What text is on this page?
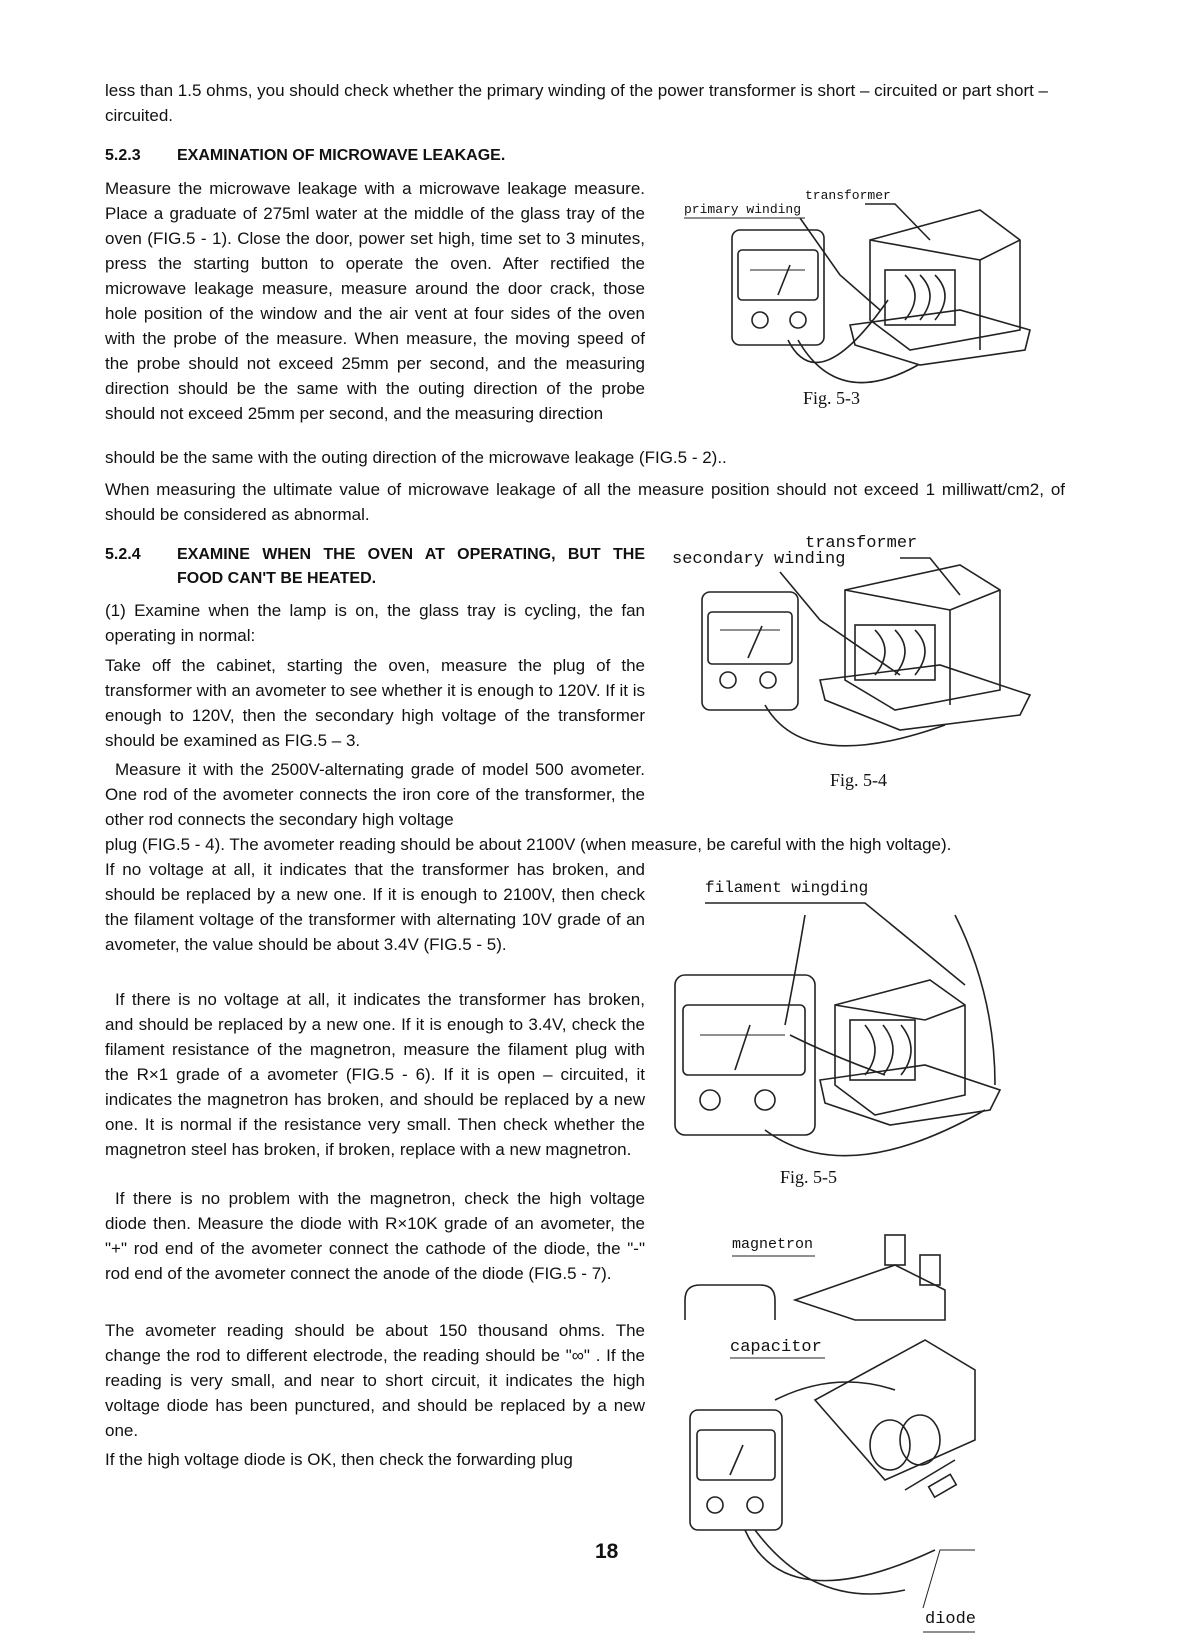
less than 1.5 ohms, you should check whether the primary winding of the power transformer is short – circuited or part short – circuited.

5.2.3 EXAMINATION OF MICROWAVE LEAKAGE.

Measure the microwave leakage with a microwave leakage measure. Place a graduate of 275ml water at the middle of the glass tray of the oven (FIG.5 - 1). Close the door, power set high, time set to 3 minutes, press the starting button to operate the oven. After rectified the microwave leakage measure, measure around the door crack, those hole position of the window and the air vent at four sides of the oven with the probe of the measure. When measure, the moving speed of the probe should not exceed 25mm per second, and the measuring direction should be the same with the outing direction of the probe should not exceed 25mm per second, and the measuring direction

should be the same with the outing direction of the microwave leakage (FIG.5 - 2)..

When measuring the ultimate value of microwave leakage of all the measure position should not exceed 1 milliwatt/cm2, of should be considered as abnormal.

5.2.4 EXAMINE WHEN THE OVEN AT OPERATING, BUT THE

FOOD CAN'T BE HEATED.

(1) Examine when the lamp is on, the glass tray is cycling, the fan operating in normal:

Take off the cabinet, starting the oven, measure the plug of the transformer with an avometer to see whether it is enough to 120V. If it is enough to 120V, then the secondary high voltage of the transformer should be examined as FIG.5 – 3.

Measure it with the 2500V-alternating grade of model 500 avometer. One rod of the avometer connects the iron core of the transformer, the other rod connects the secondary high voltage

plug (FIG.5 - 4). The avometer reading should be about 2100V (when measure, be careful with the high voltage).

If no voltage at all, it indicates that the transformer has broken, and should be replaced by a new one. If it is enough to 2100V, then check the filament voltage of the transformer with alternating 10V grade of an avometer, the value should be about 3.4V (FIG.5 - 5).

If there is no voltage at all, it indicates the transformer has broken, and should be replaced by a new one. If it is enough to 3.4V, check the filament resistance of the magnetron, measure the filament plug with the R×1 grade of a avometer (FIG.5 - 6). If it is open – circuited, it indicates the magnetron has broken, and should be replaced by a new one. It is normal if the resistance very small. Then check whether the magnetron steel has broken, if broken, replace with a new magnetron.

If there is no problem with the magnetron, check the high voltage diode then. Measure the diode with R×10K grade of an avometer, the "+" rod end of the avometer connect the cathode of the diode, the "-" rod end of the avometer connect the anode of the diode (FIG.5 - 7).

The avometer reading should be about 150 thousand ohms. The change the rod to different electrode, the reading should be "∞" . If the reading is very small, and near to short circuit, it indicates the high voltage diode has been punctured, and should be replaced by a new one.

If the high voltage diode is OK, then check the forwarding plug

transformer
primary winding
Fig. 5-3
transformer
secondary winding
Fig. 5-4
filament wingding
Fig. 5-5
magnetron
capacitor
diode
18
